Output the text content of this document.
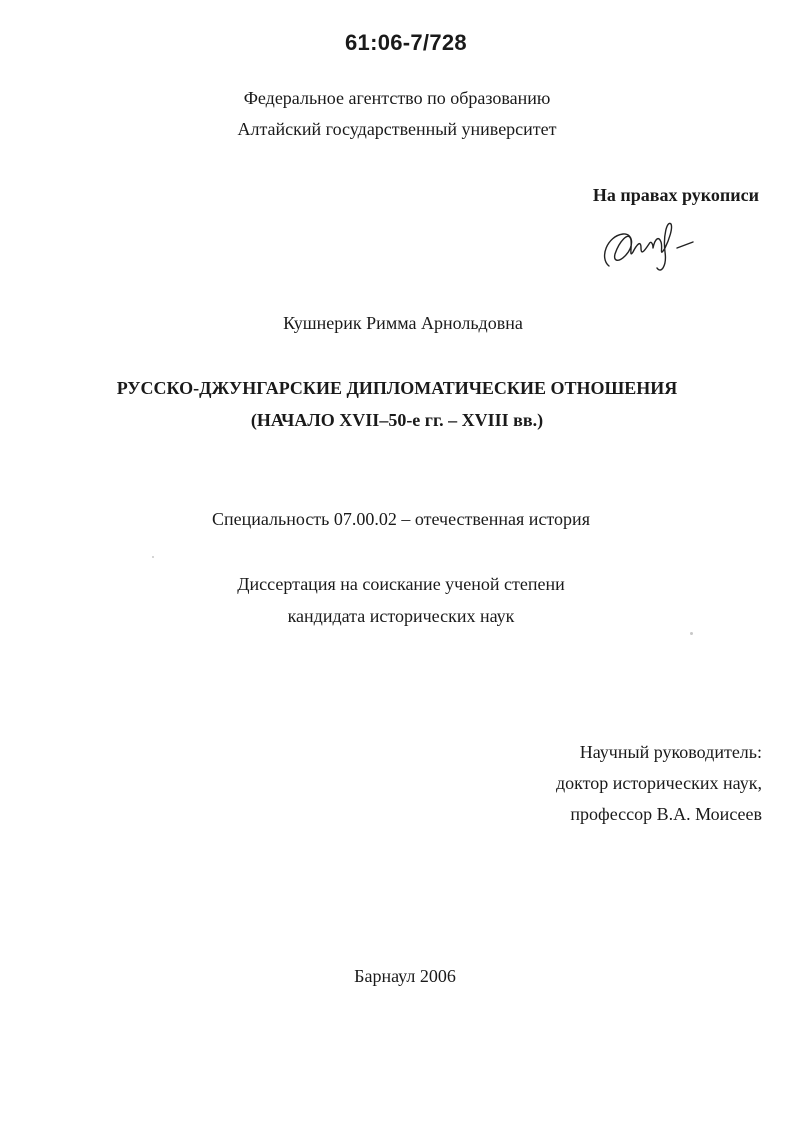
61:06-7/728
Федеральное агентство по образованию
Алтайский государственный университет
На правах рукописи
Кушнерик Римма Арнольдовна
РУССКО-ДЖУНГАРСКИЕ ДИПЛОМАТИЧЕСКИЕ ОТНОШЕНИЯ
(НАЧАЛО XVII–50-е гг. – XVIII вв.)
Специальность 07.00.02 – отечественная история
Диссертация на соискание ученой степени
кандидата исторических наук
Научный руководитель:
доктор исторических наук,
профессор В.А. Моисеев
Барнаул 2006
